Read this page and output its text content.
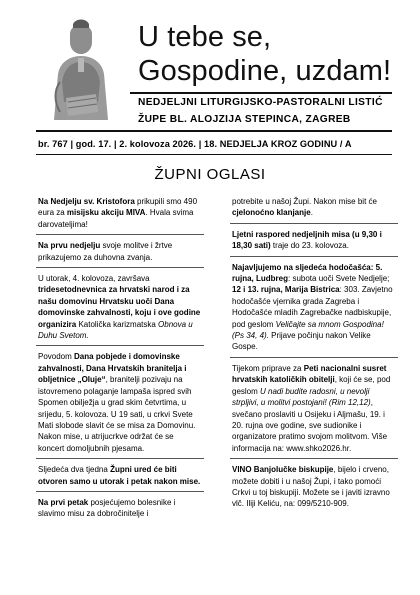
U tebe se,
Gospodine, uzdam!
NEDJELJNI LITURGIJSKO-PASTORALNI LISTIĆ
ŽUPE BL. ALOJZIJA STEPINCA, ZAGREB
br. 767 | god. 17. | 2. kolovoza 2026. | 18. NEDJELJA KROZ GODINU / A
ŽUPNI OGLASI

Na Nedjelju sv. Kristofora prikupili smo 490 eura za misijsku akciju MIVA. Hvala svima darovateljima!

Na prvu nedjelju svoje molitve i žrtve prikazujemo za duhovna zvanja.

U utorak, 4. kolovoza, završava tridesetodnevnica za hrvatski narod i za našu domovinu Hrvatsku uoči Dana domovinske zahvalnosti, koju i ove godine organizira Katolička karizmatska Obnova u Duhu Svetom.

Povodom Dana pobjede i domovinske zahvalnosti, Dana Hrvatskih branitelja i obljetnice „Oluje“, branitelji pozivaju na istovremeno polaganje lampaša ispred svih Spomen obilježja u grad skim četvrtima, u srijedu, 5. kolovoza. U 19 sati, u crkvi Svete Mati slobode slavit će se misa za Domovinu. Nakon mise, u atrijucrkve održat će se koncert domoljubnih pjesama.

Sljedeća dva tjedna Župni ured će biti otvoren samo u utorak i petak nakon mise.

Na prvi petak posjećujemo bolesnike i slavimo misu za dobročinitelje i

potrebite u našoj Župi. Nakon mise bit će cjelonoćno klanjanje.

Ljetni raspored nedjeljnih misa (u 9,30 i 18,30 sati) traje do 23. kolovoza.

Najavljujemo na sljedeća hodočašća: 5. rujna, Ludbreg: subota uoči Svete Nedjelje; 12 i 13. rujna, Marija Bistrica: 303. Zavjetno hodočašće vjernika grada Zagreba i Hodočašće mladih Zagrebačke nadbiskupije, pod geslom Veličajte sa mnom Gospodina! (Ps 34, 4). Prijave počinju nakon Velike Gospe.

Tijekom priprave za Peti nacionalni susret hrvatskih katoličkih obitelji, koji će se, pod geslom U nadi budite radosni, u nevolji strpljivi, u molitvi postojani! (Rim 12,12), svečano proslaviti u Osijeku i Aljmašu, 19. i 20. rujna ove godine, sve sudionike i organizatore pratimo svojom molitvom. Više informacija na: www.shko2026.hr.

VINO Banjolučke biskupije, bijelo i crveno, možete dobiti i u našoj Župi, i tako pomoći Crkvi u toj biskupiji. Možete se i javiti izravno vlč. Iliji Keliću, na: 099/5210-909.
